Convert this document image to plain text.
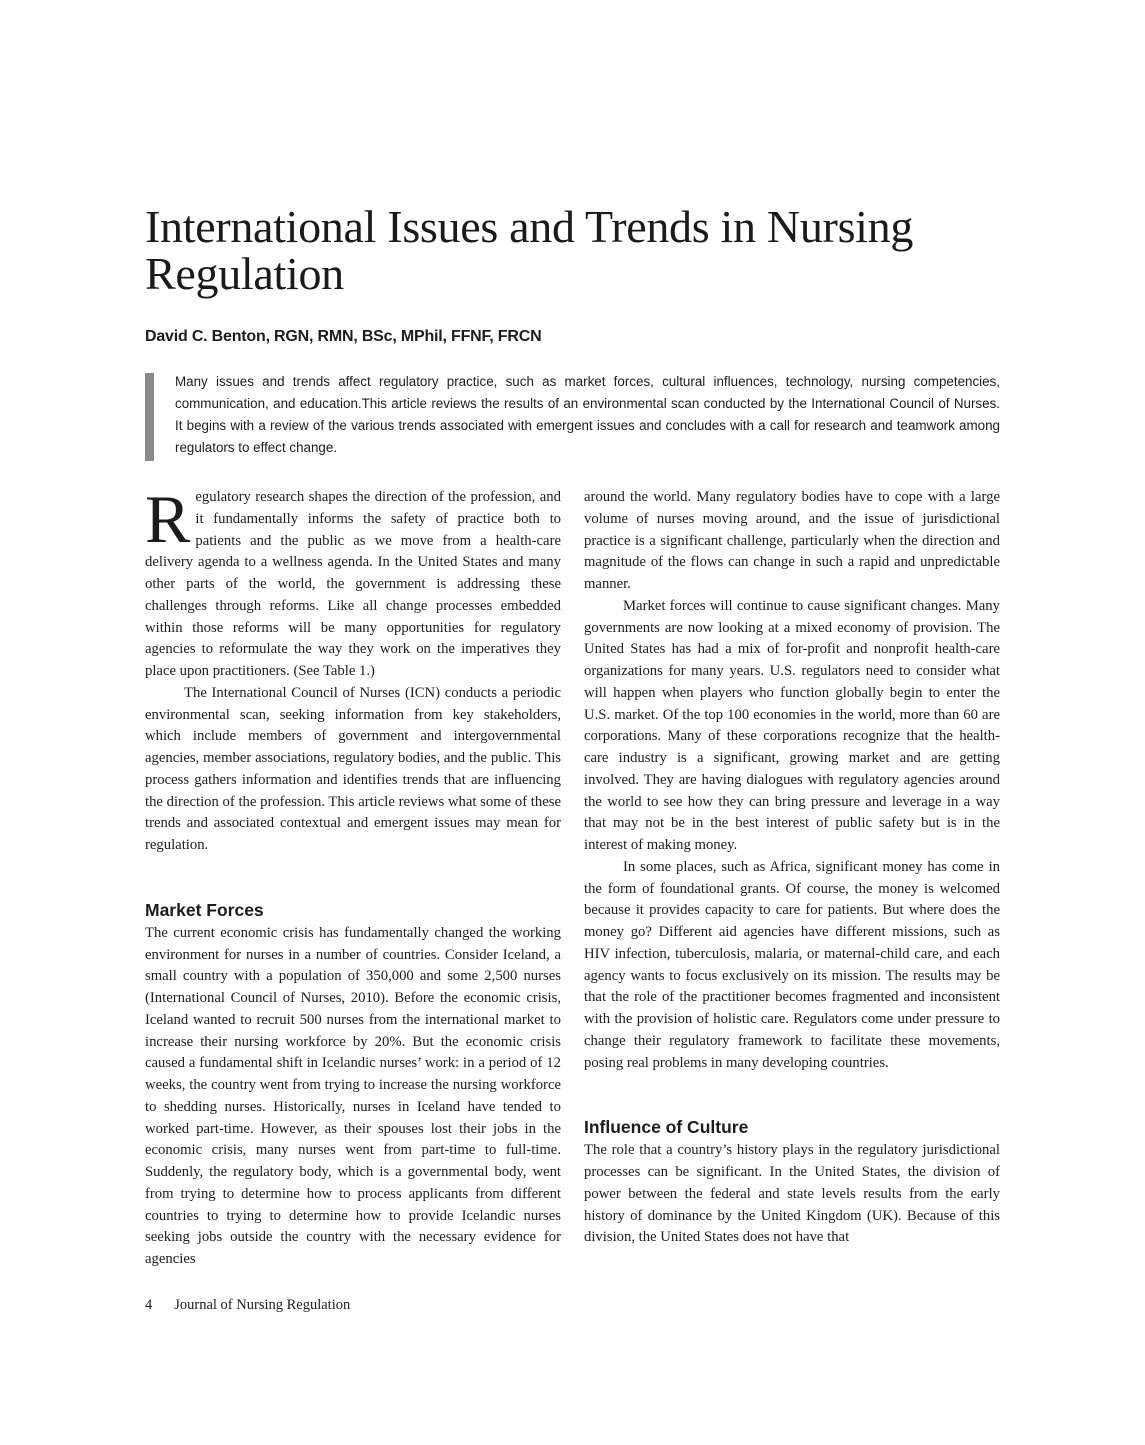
International Issues and Trends in Nursing Regulation

David C. Benton, RGN, RMN, BSc, MPhil, FFNF, FRCN

Many issues and trends affect regulatory practice, such as market forces, cultural influences, technology, nursing competencies, communication, and education.This article reviews the results of an environmental scan conducted by the International Council of Nurses. It begins with a review of the various trends associated with emergent issues and concludes with a call for research and teamwork among regulators to effect change.

Regulatory research shapes the direction of the profession, and it fundamentally informs the safety of practice both to patients and the public as we move from a health-care delivery agenda to a wellness agenda. In the United States and many other parts of the world, the government is addressing these challenges through reforms. Like all change processes embedded within those reforms will be many opportunities for regulatory agencies to reformulate the way they work on the imperatives they place upon practitioners. (See Table 1.)

The International Council of Nurses (ICN) conducts a periodic environmental scan, seeking information from key stakeholders, which include members of government and intergovernmental agencies, member associations, regulatory bodies, and the public. This process gathers information and identifies trends that are influencing the direction of the profession. This article reviews what some of these trends and associated contextual and emergent issues may mean for regulation.

Market Forces

The current economic crisis has fundamentally changed the working environment for nurses in a number of countries. Consider Iceland, a small country with a population of 350,000 and some 2,500 nurses (International Council of Nurses, 2010). Before the economic crisis, Iceland wanted to recruit 500 nurses from the international market to increase their nursing workforce by 20%. But the economic crisis caused a fundamental shift in Icelandic nurses’ work: in a period of 12 weeks, the country went from trying to increase the nursing workforce to shedding nurses. Historically, nurses in Iceland have tended to worked part-time. However, as their spouses lost their jobs in the economic crisis, many nurses went from part-time to full-time. Suddenly, the regulatory body, which is a governmental body, went from trying to determine how to process applicants from different countries to trying to determine how to provide Icelandic nurses seeking jobs outside the country with the necessary evidence for agencies

around the world. Many regulatory bodies have to cope with a large volume of nurses moving around, and the issue of jurisdictional practice is a significant challenge, particularly when the direction and magnitude of the flows can change in such a rapid and unpredictable manner.

Market forces will continue to cause significant changes. Many governments are now looking at a mixed economy of provision. The United States has had a mix of for-profit and nonprofit health-care organizations for many years. U.S. regulators need to consider what will happen when players who function globally begin to enter the U.S. market. Of the top 100 economies in the world, more than 60 are corporations. Many of these corporations recognize that the health-care industry is a significant, growing market and are getting involved. They are having dialogues with regulatory agencies around the world to see how they can bring pressure and leverage in a way that may not be in the best interest of public safety but is in the interest of making money.

In some places, such as Africa, significant money has come in the form of foundational grants. Of course, the money is welcomed because it provides capacity to care for patients. But where does the money go? Different aid agencies have different missions, such as HIV infection, tuberculosis, malaria, or maternal-child care, and each agency wants to focus exclusively on its mission. The results may be that the role of the practitioner becomes fragmented and inconsistent with the provision of holistic care. Regulators come under pressure to change their regulatory framework to facilitate these movements, posing real problems in many developing countries.

Influence of Culture

The role that a country’s history plays in the regulatory jurisdictional processes can be significant. In the United States, the division of power between the federal and state levels results from the early history of dominance by the United Kingdom (UK). Because of this division, the United States does not have that

4 Journal of Nursing Regulation
